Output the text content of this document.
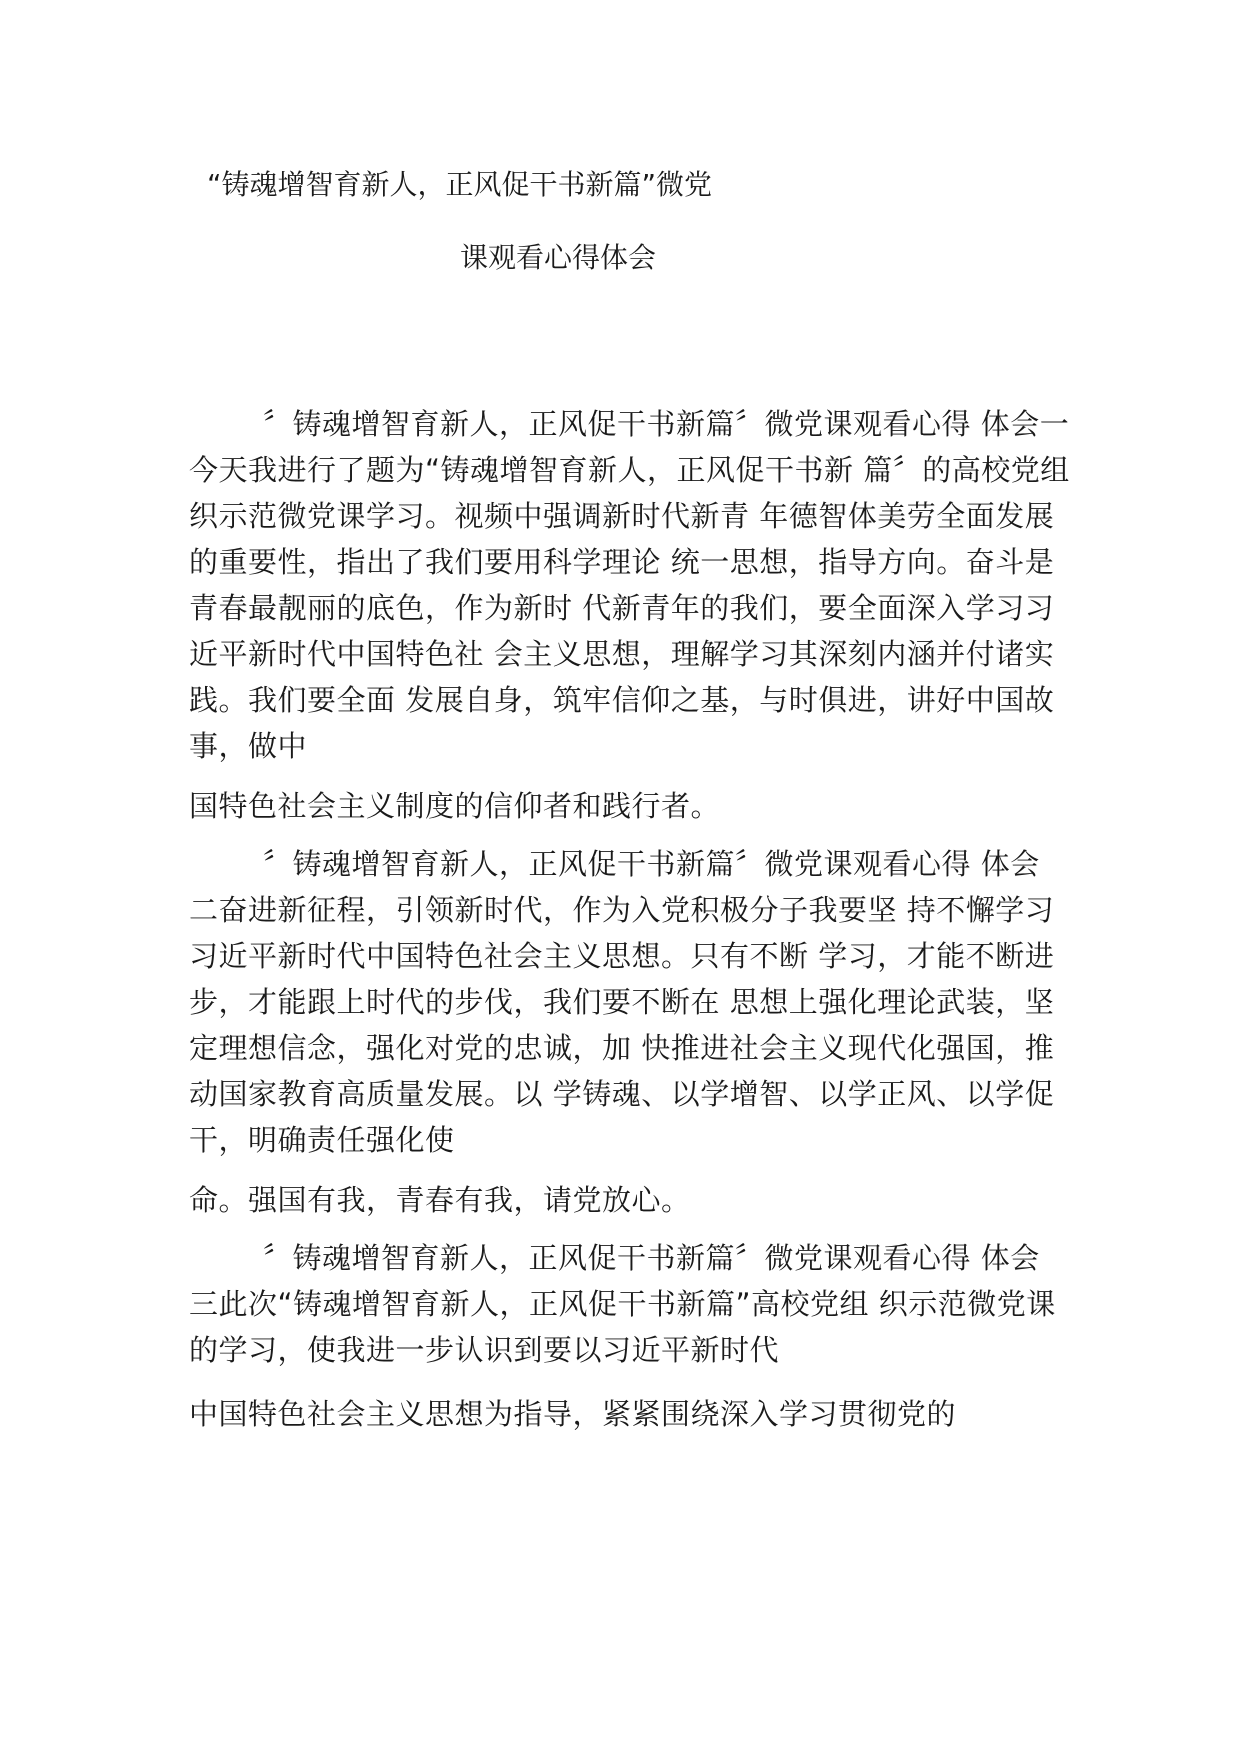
“铸魂增智育新人，正风促干书新篇”微党
课观看心得体会
〞铸魂增智育新人，正风促干书新篇〞微党课观看心得 体会一
今天我进行了题为“铸魂增智育新人，正风促干书新 篇〞的高校党组
织示范微党课学习。视频中强调新时代新青 年德智体美劳全面发展
的重要性，指出了我们要用科学理论 统一思想，指导方向。奋斗是
青春最靓丽的底色，作为新时 代新青年的我们，要全面深入学习习
近平新时代中国特色社 会主义思想，理解学习其深刻内涵并付诸实
践。我们要全面 发展自身，筑牢信仰之基，与时俱进，讲好中国故
事，做中
国特色社会主义制度的信仰者和践行者。
〞铸魂增智育新人，正风促干书新篇〞微党课观看心得 体会
二奋进新征程，引领新时代，作为入党积极分子我要坚 持不懈学习
习近平新时代中国特色社会主义思想。只有不断 学习，才能不断进
步，才能跟上时代的步伐，我们要不断在 思想上强化理论武装，坚
定理想信念，强化对党的忠诚，加 快推进社会主义现代化强国，推
动国家教育高质量发展。以 学铸魂、以学增智、以学正风、以学促
干，明确责任强化使
命。强国有我，青春有我，请党放心。
〞铸魂增智育新人，正风促干书新篇〞微党课观看心得 体会
三此次“铸魂增智育新人，正风促干书新篇”高校党组 织示范微党课
的学习，使我进一步认识到要以习近平新时代
中国特色社会主义思想为指导，紧紧围绕深入学习贯彻党的
